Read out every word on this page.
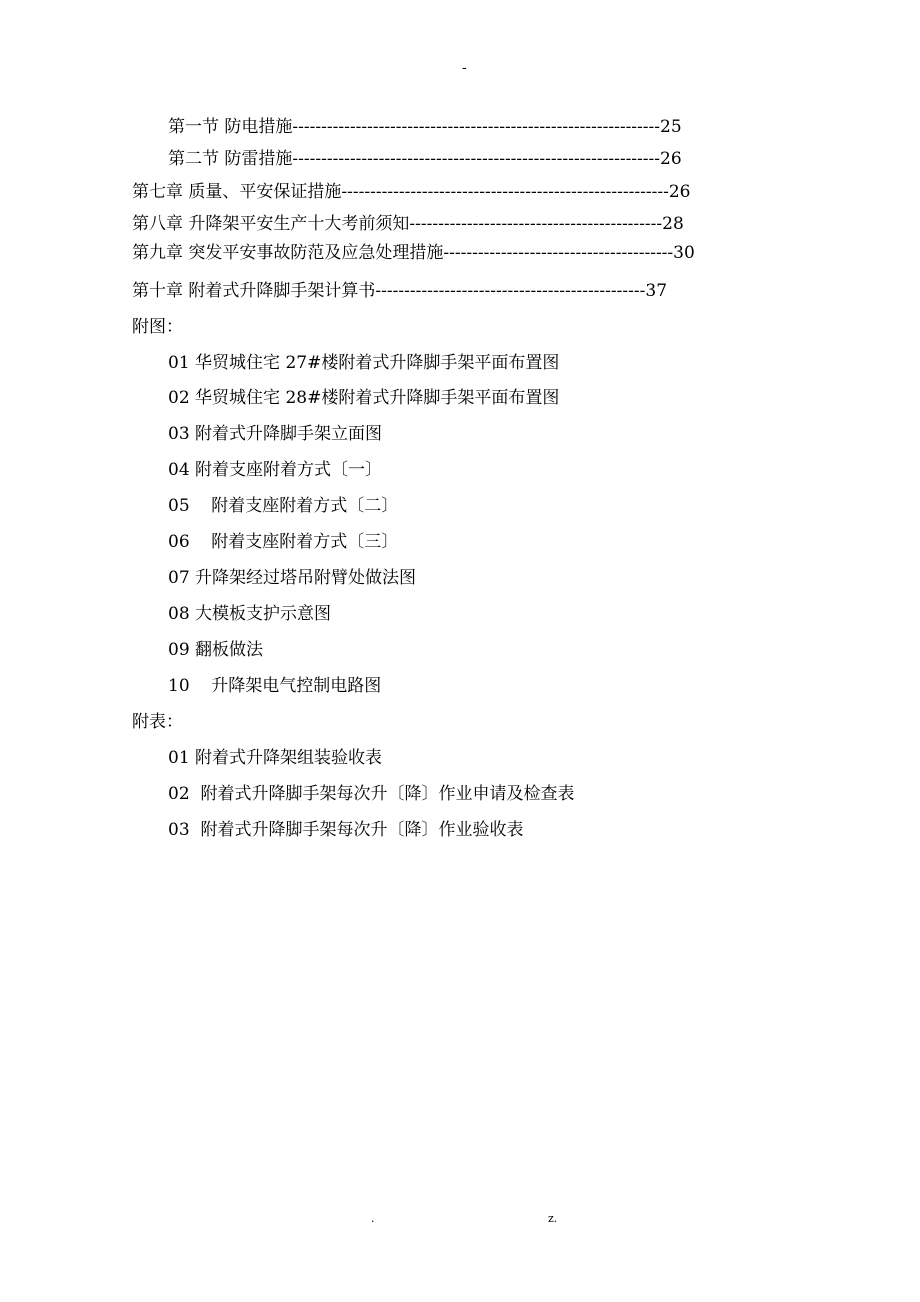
-
第一节 防电措施----------------------------------------------------------------25
第二节 防雷措施----------------------------------------------------------------26
第七章 质量、平安保证措施---------------------------------------------------------26
第八章 升降架平安生产十大考前须知--------------------------------------------28
第九章 突发平安事故防范及应急处理措施----------------------------------------30
第十章 附着式升降脚手架计算书-----------------------------------------------37
附图：
01 华贸城住宅 27#楼附着式升降脚手架平面布置图
02 华贸城住宅 28#楼附着式升降脚手架平面布置图
03 附着式升降脚手架立面图
04 附着支座附着方式〔一〕
05    附着支座附着方式〔二〕
06    附着支座附着方式〔三〕
07 升降架经过塔吊附臂处做法图
08 大模板支护示意图
09 翻板做法
10    升降架电气控制电路图
附表：
01 附着式升降架组装验收表
02  附着式升降脚手架每次升〔降〕作业申请及检查表
03  附着式升降脚手架每次升〔降〕作业验收表
.	z.
